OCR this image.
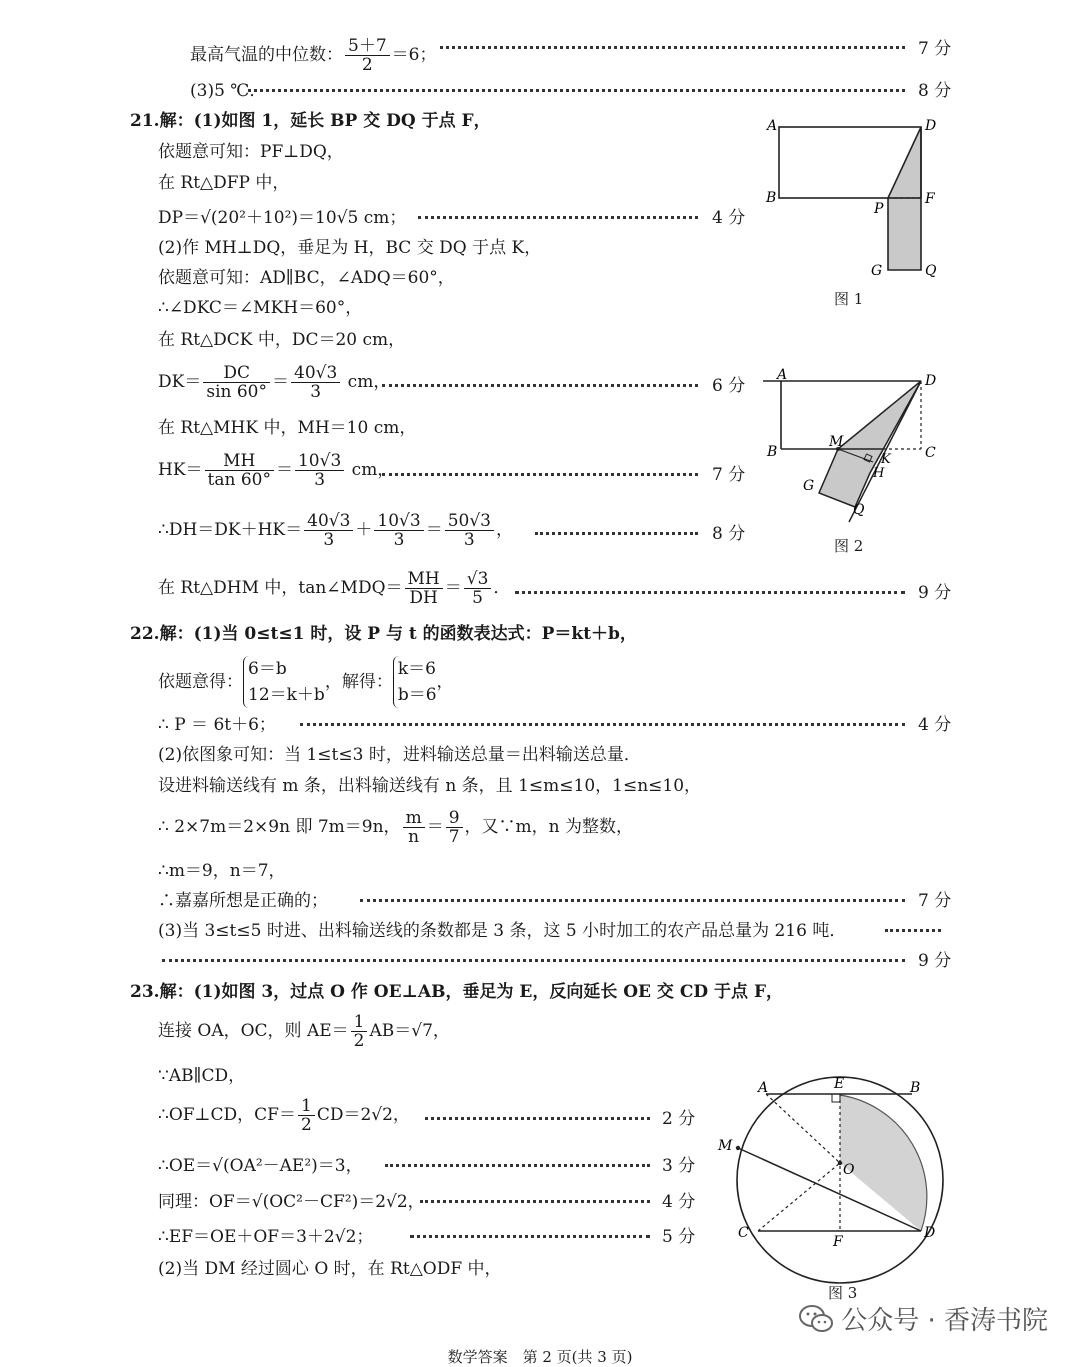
最高气温的中位数： $\frac{5+7}{2} =6$；	7 分
(3)5 ℃．	8 分
21.解：(1)如图 1，延长 BP 交 DQ 于点 F，
依题意可知：PF⊥DQ，
在 Rt△DFP 中，
DP＝√(20²＋10²)＝10√5 cm；	4 分
(2)作 MH⊥DQ，垂足为 H，BC 交 DQ 于点 K，
依题意可知：AD∥BC，∠ADQ＝60°，
∴∠DKC＝∠MKH＝60°，
在 Rt△DCK 中，DC＝20 cm，
$DK= \frac{DC}{\sin 60^\circ} = \frac{40√3}{3}$ cm，	6 分
在 Rt△MHK 中，MH＝10 cm，
$HK= \frac{MH}{\tan 60^\circ} = \frac{10√3}{3}$ cm，	7 分
∴DH＝DK＋HK＝ $\frac{40√3}{3} + \frac{10√3}{3} = \frac{50√3}{3}$ ，	8 分
在 Rt△DHM 中，tan∠MDQ＝ $\frac{MH}{DH} = \frac{√3}{5}$ ．	9 分
22.解：(1)当 0≤t≤1 时，设 P 与 t 的函数表达式：P＝kt＋b，
依题意得：
6＝b
12＝k＋b
，解得：
k＝6
b＝6
，
∴ P ＝ 6t＋6；	4 分
(2)依图象可知：当 1≤t≤3 时，进料输送总量＝出料输送总量．
设进料输送线有 m 条，出料输送线有 n 条，且 1≤m≤10，1≤n≤10，
∴ 2×7m＝2×9n 即 7m＝9n， $\frac{m}{n} = \frac{9}{7}$ ，又∵m，n 为整数，
∴m＝9，n＝7，
∴嘉嘉所想是正确的；	7 分
(3)当 3≤t≤5 时进、出料输送线的条数都是 3 条，这 5 小时加工的农产品总量为 216 吨．
9 分
23.解：(1)如图 3，过点 O 作 OE⊥AB，垂足为 E，反向延长 OE 交 CD 于点 F，
连接 OA，OC，则 $AE= \frac{1}{2} AB=√7$，
∵AB∥CD，
∴OF⊥CD，$CF= \frac{1}{2} CD=2√2$，	2 分
∴OE＝√(OA²－AE²)＝3，	3 分
同理：OF＝√(OC²－CF²)＝2√2，	4 分
∴EF＝OE＋OF＝3＋2√2；	5 分
(2)当 DM 经过圆心 O 时，在 Rt△ODF 中，
A	D
B
P
F
G	Q
图 1
A	D
B
M
K C
H
G
Q
图 2
A	E	B
M
O
C
F
D
图 3
公众号 · 香涛书院
数学答案　第 2 页(共 3 页)
